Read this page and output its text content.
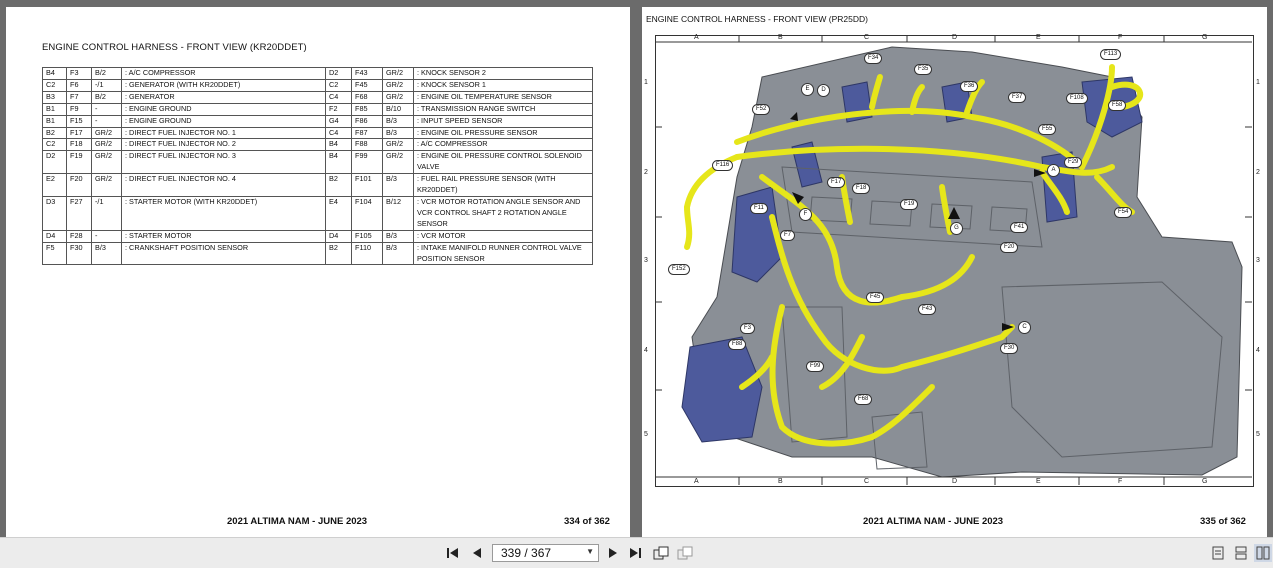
ENGINE CONTROL HARNESS - FRONT VIEW (KR20DDET)
B4	F3	B/2	: A/C COMPRESSOR	D2	F43	GR/2	: KNOCK SENSOR 2
C2	F6	-/1	: GENERATOR (WITH KR20DDET)	C2	F45	GR/2	: KNOCK SENSOR 1
B3	F7	B/2	: GENERATOR	C4	F68	GR/2	: ENGINE OIL TEMPERATURE SENSOR
B1	F9	-	: ENGINE GROUND	F2	F85	B/10	: TRANSMISSION RANGE SWITCH
B1	F15	-	: ENGINE GROUND	G4	F86	B/3	: INPUT SPEED SENSOR
B2	F17	GR/2	: DIRECT FUEL INJECTOR NO. 1	C4	F87	B/3	: ENGINE OIL PRESSURE SENSOR
C2	F18	GR/2	: DIRECT FUEL INJECTOR NO. 2	B4	F88	GR/2	: A/C COMPRESSOR
D2	F19	GR/2	: DIRECT FUEL INJECTOR NO. 3	B4	F99	GR/2	: ENGINE OIL PRESSURE CONTROL SOLENOID VALVE
E2	F20	GR/2	: DIRECT FUEL INJECTOR NO. 4	B2	F101	B/3	: FUEL RAIL PRESSURE SENSOR (WITH KR20DDET)
D3	F27	-/1	: STARTER MOTOR (WITH KR20DDET)	E4	F104	B/12	: VCR MOTOR ROTATION ANGLE SENSOR AND VCR CONTROL SHAFT 2 ROTATION ANGLE SENSOR
D4	F28	-	: STARTER MOTOR	D4	F105	B/3	: VCR MOTOR
F5	F30	B/3	: CRANKSHAFT POSITION SENSOR	B2	F110	B/3	: INTAKE MANIFOLD RUNNER CONTROL VALVE POSITION SENSOR
2021 ALTIMA NAM - JUNE 2023	334 of 362
ENGINE CONTROL HARNESS - FRONT VIEW (PR25DD)
A	B	C	D	E	F	G
A	B	C	D	E	F	G
1
2
3
4
5
1
2
3
4
5
F34
F113
F35
F36
F37	F108
F58
F52
F55
F29
F116
F17
F18
F19
F54
F41
F11
F7
F20
F152
F45
F43
F3
F30
F88
F99
F68
E	D
F
G
A
C
2021 ALTIMA NAM - JUNE 2023	335 of 362
339 / 367	▼
